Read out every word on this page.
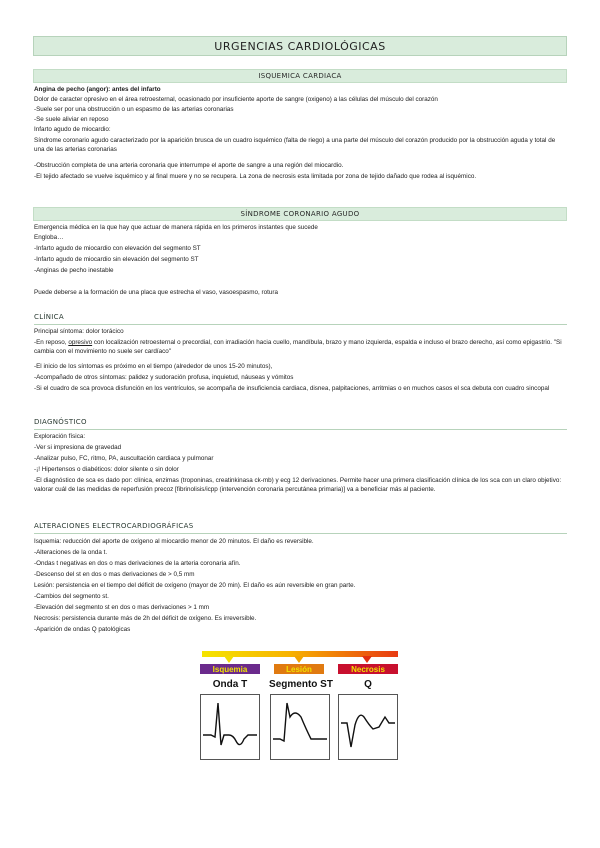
URGENCIAS CARDIOLÓGICAS
ISQUEMICA CARDIACA
Angina de pecho (angor): antes del infarto
Dolor de caracter opresivo en el área retroesternal, ocasionado por insuficiente aporte de sangre (oxigeno) a las células del músculo del corazón
-Suele ser por una obstrucción o un espasmo de las arterias coronarias
-Se suele aliviar en reposo
Infarto agudo de miocardio:
Síndrome coronario agudo caracterizado por la aparición brusca de un cuadro isquémico (falta de riego) a una parte del músculo del corazón producido por la obstrucción aguda y total de una de las arterias coronarias
-Obstrucción completa de una arteria coronaria que interrumpe el aporte de sangre a una región del miocardio.
-El tejido afectado se vuelve isquémico y al final muere y no se recupera. La zona de necrosis esta limitada por zona de tejido dañado que rodea al isquémico.
SÍNDROME CORONARIO AGUDO
Emergencia médica en la que hay que actuar de manera rápida en los primeros instantes que sucede
Engloba…
-Infarto agudo de miocardio con elevación del segmento ST
-Infarto agudo de miocardio sin elevación del segmento ST
-Anginas de pecho inestable
Puede deberse a la formación de una placa que estrecha el vaso, vasoespasmo, rotura
CLÍNICA
Principal síntoma: dolor torácico
-En reposo, opresivo con localización retroesternal o precordial, con irradiación hacia cuello, mandíbula, brazo y mano izquierda, espalda e incluso el brazo derecho, así como epigastrio. "Si cambia con el movimiento no suele ser cardíaco"
-El inicio de los síntomas es próximo en el tiempo (alrededor de unos 15-20 minutos),
-Acompañado de otros síntomas: palidez y sudoración profusa, inquietud, náuseas y vómitos
-Si el cuadro de sca provoca disfunción en los ventrículos, se acompaña de insuficiencia cardiaca, disnea, palpitaciones, arritmias o en muchos casos el sca debuta con cuadro sincopal
DIAGNÓSTICO
Exploración física:
-Ver si impresiona de gravedad
-Analizar pulso, FC, ritmo, PA, auscultación cardiaca y pulmonar
-¡! Hipertensos o diabéticos: dolor silente o sin dolor
-El diagnóstico de sca es dado por: clínica, enzimas (troponinas, creatinkinasa ck-mb) y ecg 12 derivaciones. Permite hacer una primera clasificación clínica de los sca con un claro objetivo: valorar cuál de las medidas de reperfusión precoz [fibrinolisis/icpp (intervención coronaria percutánea primaria)] va a beneficiar más al paciente.
ALTERACIONES ELECTROCARDIOGRÁFICAS
Isquemia: reducción del aporte de oxígeno al miocardio menor de 20 minutos. El daño es reversible.
-Alteraciones de la onda t.
-Ondas t negativas en dos o mas derivaciones de la arteria coronaria afín.
-Descenso del st en dos o mas derivaciones de > 0,5 mm
Lesión: persistencia en el tiempo del déficit de oxígeno (mayor de 20 min). El daño es aún reversible en gran parte.
-Cambios del segmento st.
-Elevación del segmento st en dos o mas derivaciones > 1 mm
Necrosis: persistencia durante más de 2h del déficit de oxígeno. Es irreversible.
-Aparición de ondas Q patológicas
Isquemia	Lesión	Necrosis
Onda T	Segmento ST	Q
